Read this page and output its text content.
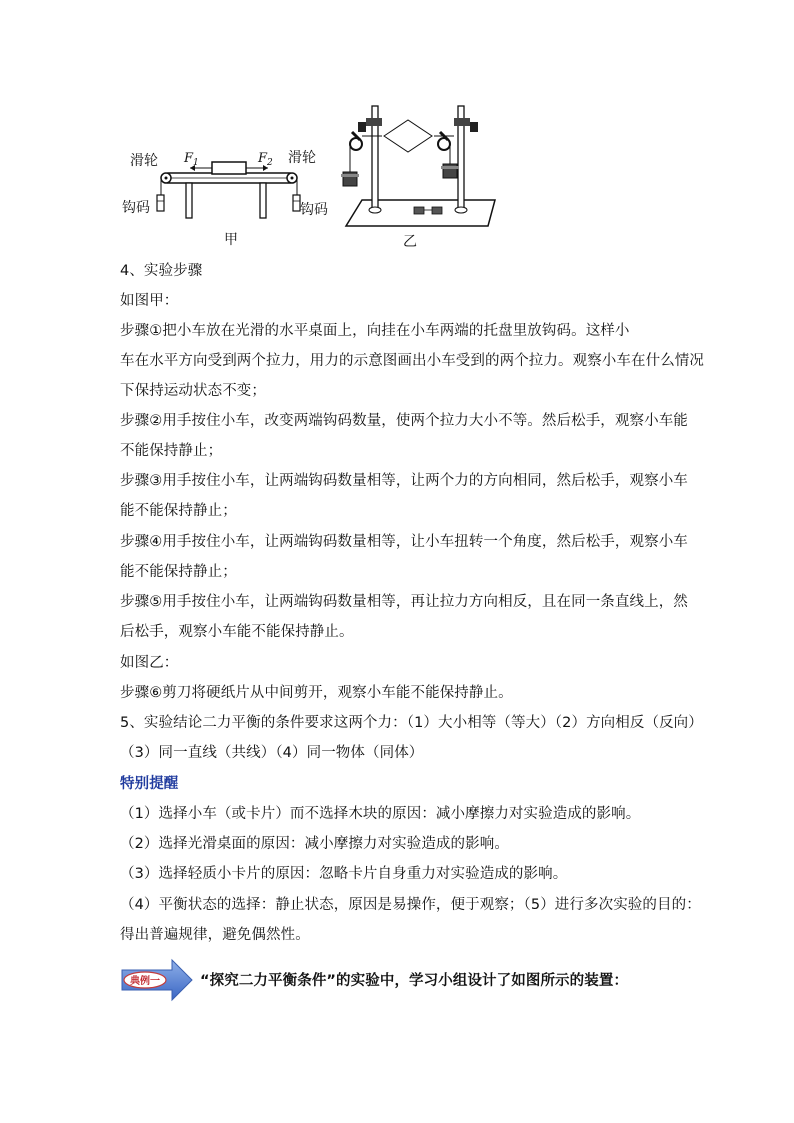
滑轮	滑轮
钩码	钩码
$F_1$	$F_2$
甲	乙
4、实验步骤
如图甲：
步骤①把小车放在光滑的水平桌面上，向挂在小车两端的托盘里放钩码。这样小
车在水平方向受到两个拉力，用力的示意图画出小车受到的两个拉力。观察小车在什么情况
下保持运动状态不变；
步骤②用手按住小车，改变两端钩码数量，使两个拉力大小不等。然后松手，观察小车能
不能保持静止；
步骤③用手按住小车，让两端钩码数量相等，让两个力的方向相同，然后松手，观察小车
能不能保持静止；
步骤④用手按住小车，让两端钩码数量相等，让小车扭转一个角度，然后松手，观察小车
能不能保持静止；
步骤⑤用手按住小车，让两端钩码数量相等，再让拉力方向相反，且在同一条直线上，然
后松手，观察小车能不能保持静止。
如图乙：
步骤⑥剪刀将硬纸片从中间剪开，观察小车能不能保持静止。
5、实验结论二力平衡的条件要求这两个力：（1）大小相等（等大）（2）方向相反（反向）
（3）同一直线（共线）（4）同一物体（同体）
特别提醒
（1）选择小车（或卡片）而不选择木块的原因：减小摩擦力对实验造成的影响。
（2）选择光滑桌面的原因：减小摩擦力对实验造成的影响。
（3）选择轻质小卡片的原因：忽略卡片自身重力对实验造成的影响。
（4）平衡状态的选择：静止状态，原因是易操作，便于观察；（5）进行多次实验的目的：
得出普遍规律，避免偶然性。
典例一	“探究二力平衡条件”的实验中，学习小组设计了如图所示的装置：
